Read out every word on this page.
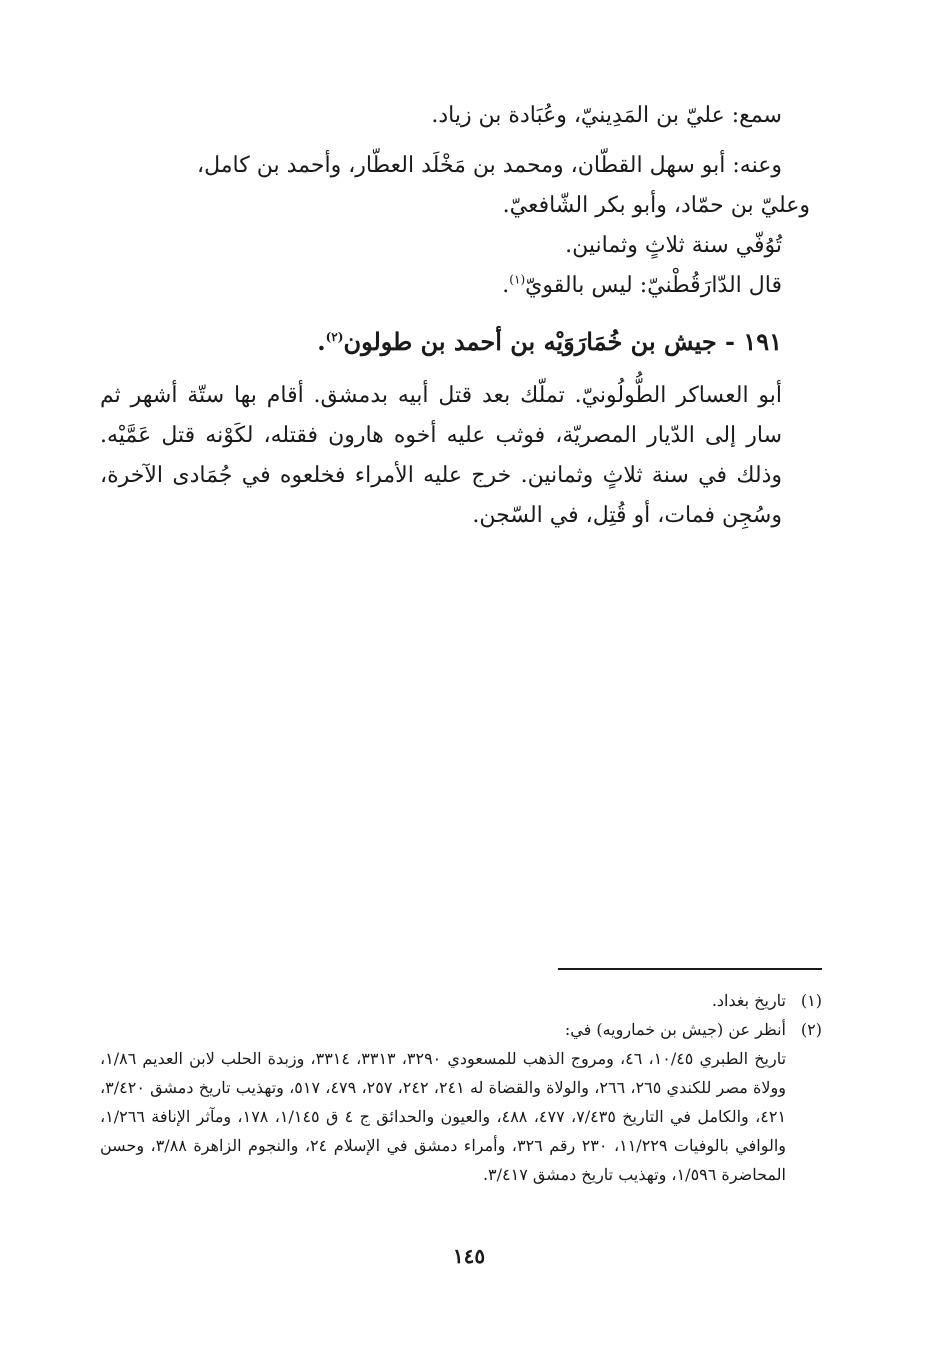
سمع: عليّ بن المَدِينيّ، وعُبَادة بن زياد.

وعنه: أبو سهل القطّان، ومحمد بن مَخْلَد العطّار، وأحمد بن كامل،

وعليّ بن حمّاد، وأبو بكر الشّافعيّ.

تُوُفّي سنة ثلاثٍ وثمانين.

قال الدّارَقُطْنيّ: ليس بالقويّ$^{(١)}$.

١٩١ - جيش بن خُمَارَوَيْه بن أحمد بن طولون$^{(٢)}$.

أبو العساكر الطُّولُونيّ. تملّك بعد قتل أبيه بدمشق. أقام بها ستّة أشهر ثم سار إلى الدّيار المصريّة، فوثب عليه أخوه هارون فقتله، لكَوْنه قتل عَمَّيْه. وذلك في سنة ثلاثٍ وثمانين. خرج عليه الأمراء فخلعوه في جُمَادى الآخرة، وسُجِن فمات، أو قُتِل، في السّجن.

(١)
تاريخ بغداد.
(٢)
أنظر عن (جيش بن خمارويه) في:
تاريخ الطبري ١٠/٤٥، ٤٦، ومروج الذهب للمسعودي ٣٢٩٠، ٣٣١٣، ٣٣١٤، وزبدة الحلب لابن العديم ١/٨٦، وولاة مصر للكندي ٢٦٥، ٢٦٦، والولاة والقضاة له ٢٤١، ٢٤٢، ٢٥٧، ٤٧٩، ٥١٧، وتهذيب تاريخ دمشق ٣/٤٢٠، ٤٢١، والكامل في التاريخ ٧/٤٣٥، ٤٧٧، ٤٨٨، والعيون والحدائق ج ٤ ق ١/١٤٥، ١٧٨، ومآثر الإنافة ١/٢٦٦، والوافي بالوفيات ١١/٢٢٩، ٢٣٠ رقم ٣٢٦، وأمراء دمشق في الإسلام ٢٤، والنجوم الزاهرة ٣/٨٨، وحسن المحاضرة ١/٥٩٦، وتهذيب تاريخ دمشق ٣/٤١٧.
١٤٥
